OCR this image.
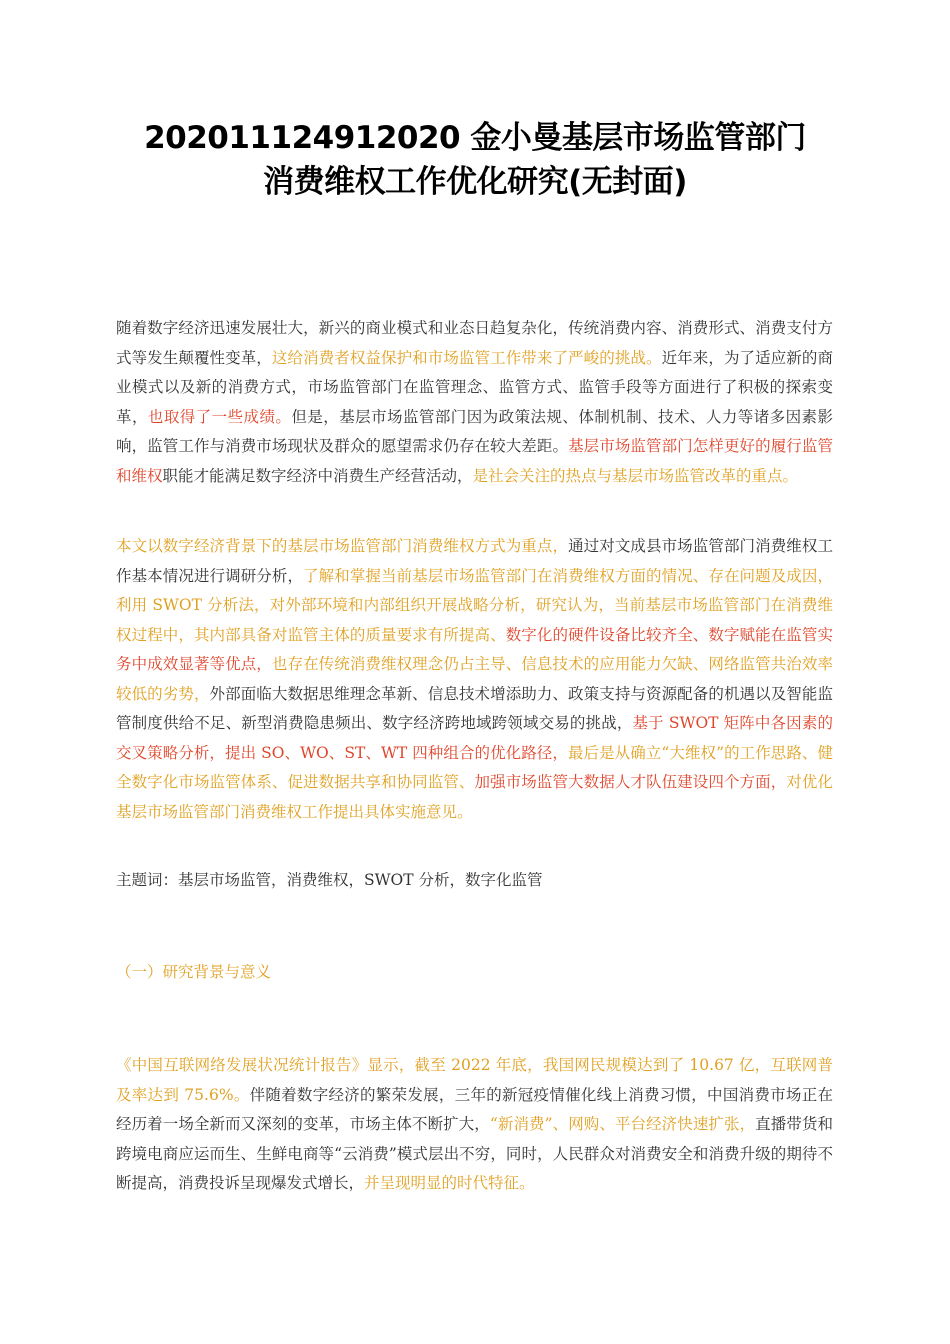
202011124912020 金小曼基层市场监管部门
消费维权工作优化研究(无封面)

随着数字经济迅速发展壮大，新兴的商业模式和业态日趋复杂化，传统消费内容、消费形式、消费支付方式等发生颠覆性变革，这给消费者权益保护和市场监管工作带来了严峻的挑战。近年来，为了适应新的商业模式以及新的消费方式，市场监管部门在监管理念、监管方式、监管手段等方面进行了积极的探索变革，也取得了一些成绩。但是，基层市场监管部门因为政策法规、体制机制、技术、人力等诸多因素影响，监管工作与消费市场现状及群众的愿望需求仍存在较大差距。基层市场监管部门怎样更好的履行监管和维权职能才能满足数字经济中消费生产经营活动，是社会关注的热点与基层市场监管改革的重点。

本文以数字经济背景下的基层市场监管部门消费维权方式为重点，通过对文成县市场监管部门消费维权工作基本情况进行调研分析，了解和掌握当前基层市场监管部门在消费维权方面的情况、存在问题及成因，利用 SWOT 分析法，对外部环境和内部组织开展战略分析，研究认为，当前基层市场监管部门在消费维权过程中，其内部具备对监管主体的质量要求有所提高、数字化的硬件设备比较齐全、数字赋能在监管实务中成效显著等优点，也存在传统消费维权理念仍占主导、信息技术的应用能力欠缺、网络监管共治效率较低的劣势，外部面临大数据思维理念革新、信息技术增添助力、政策支持与资源配备的机遇以及智能监管制度供给不足、新型消费隐患频出、数字经济跨地域跨领域交易的挑战，基于 SWOT 矩阵中各因素的交叉策略分析，提出 SO、WO、ST、WT 四种组合的优化路径，最后是从确立“大维权”的工作思路、健全数字化市场监管体系、促进数据共享和协同监管、加强市场监管大数据人才队伍建设四个方面，对优化基层市场监管部门消费维权工作提出具体实施意见。

主题词：基层市场监管，消费维权，SWOT 分析，数字化监管
（一）研究背景与意义

《中国互联网络发展状况统计报告》显示，截至 2022 年底，我国网民规模达到了 10.67 亿，互联网普及率达到 75.6%。伴随着数字经济的繁荣发展，三年的新冠疫情催化线上消费习惯，中国消费市场正在经历着一场全新而又深刻的变革，市场主体不断扩大，“新消费”、网购、平台经济快速扩张，直播带货和跨境电商应运而生、生鲜电商等“云消费”模式层出不穷，同时，人民群众对消费安全和消费升级的期待不断提高，消费投诉呈现爆发式增长，并呈现明显的时代特征。
